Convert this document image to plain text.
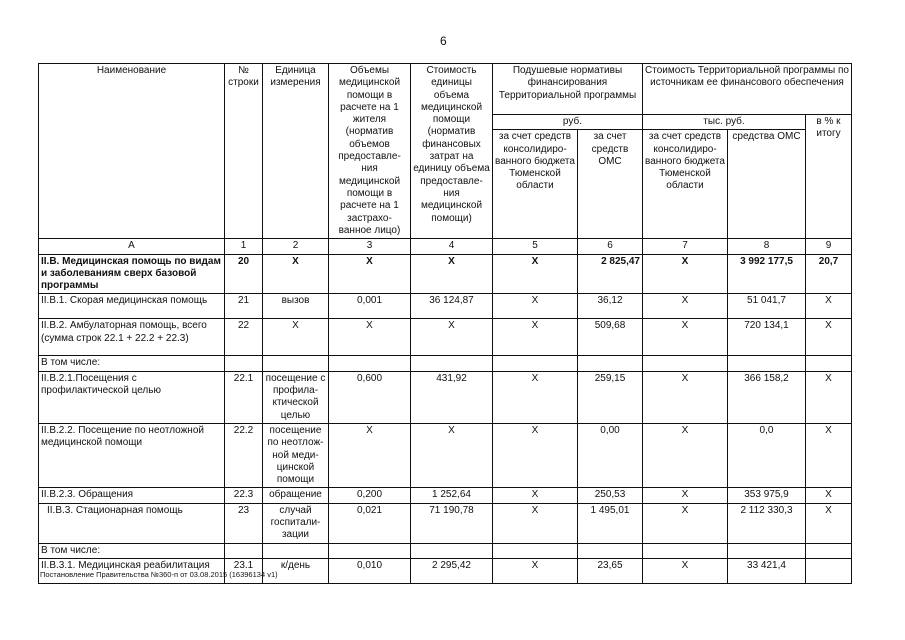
6
Наименование	№ строки	Единица измерения	Объемы медицинской помощи в расчете на 1 жителя (норматив объемов предоставле-ния медицинской помощи в расчете на 1 застрахо-ванное лицо)	Стоимость единицы объема медицинской помощи (норматив финансовых затрат на единицу объема предоставле-ния медицинской помощи)	Подушевые нормативы финансирования Территориальной программы		Стоимость Территориальной программы по источникам ее финансового обеспечения		
					руб.		тыс. руб.		в % к итогу
					за счет средств консолидиро-ванного бюджета Тюменской области	за счет средств ОМС	за счет средств консолидиро-ванного бюджета Тюменской области	средства ОМС	
А	1	2	3	4	5	6	7	8	9
II.В. Медицинская помощь по видам и заболеваниям сверх базовой программы	20	X	X	X	X	2 825,47	X	3 992 177,5	20,7
II.В.1. Скорая медицинская помощь	21	вызов	0,001	36 124,87	X	36,12	X	51 041,7	X
II.В.2. Амбулаторная помощь, всего (сумма строк 22.1 + 22.2 + 22.3)	22	X	X	X	X	509,68	X	720 134,1	X
В том числе:									
II.В.2.1.Посещения с профилактической целью	22.1	посещение с профила-ктической целью	0,600	431,92	X	259,15	X	366 158,2	X
II.В.2.2. Посещение по неотложной медицинской помощи	22.2	посещение по неотлож-ной меди-цинской помощи	X	X	X	0,00	X	0,0	X
II.В.2.3. Обращения	22.3	обращение	0,200	1 252,64	X	250,53	X	353 975,9	X
II.В.3. Стационарная помощь	23	случай госпитали-зации	0,021	71 190,78	X	1 495,01	X	2 112 330,3	X
В том числе:									
II.В.3.1. Медицинская реабилитация	23.1	к/день	0,010	2 295,42	X	23,65	X	33 421,4	
Постановление Правительства №360-п от 03.08.2015 (16396134 v1)
